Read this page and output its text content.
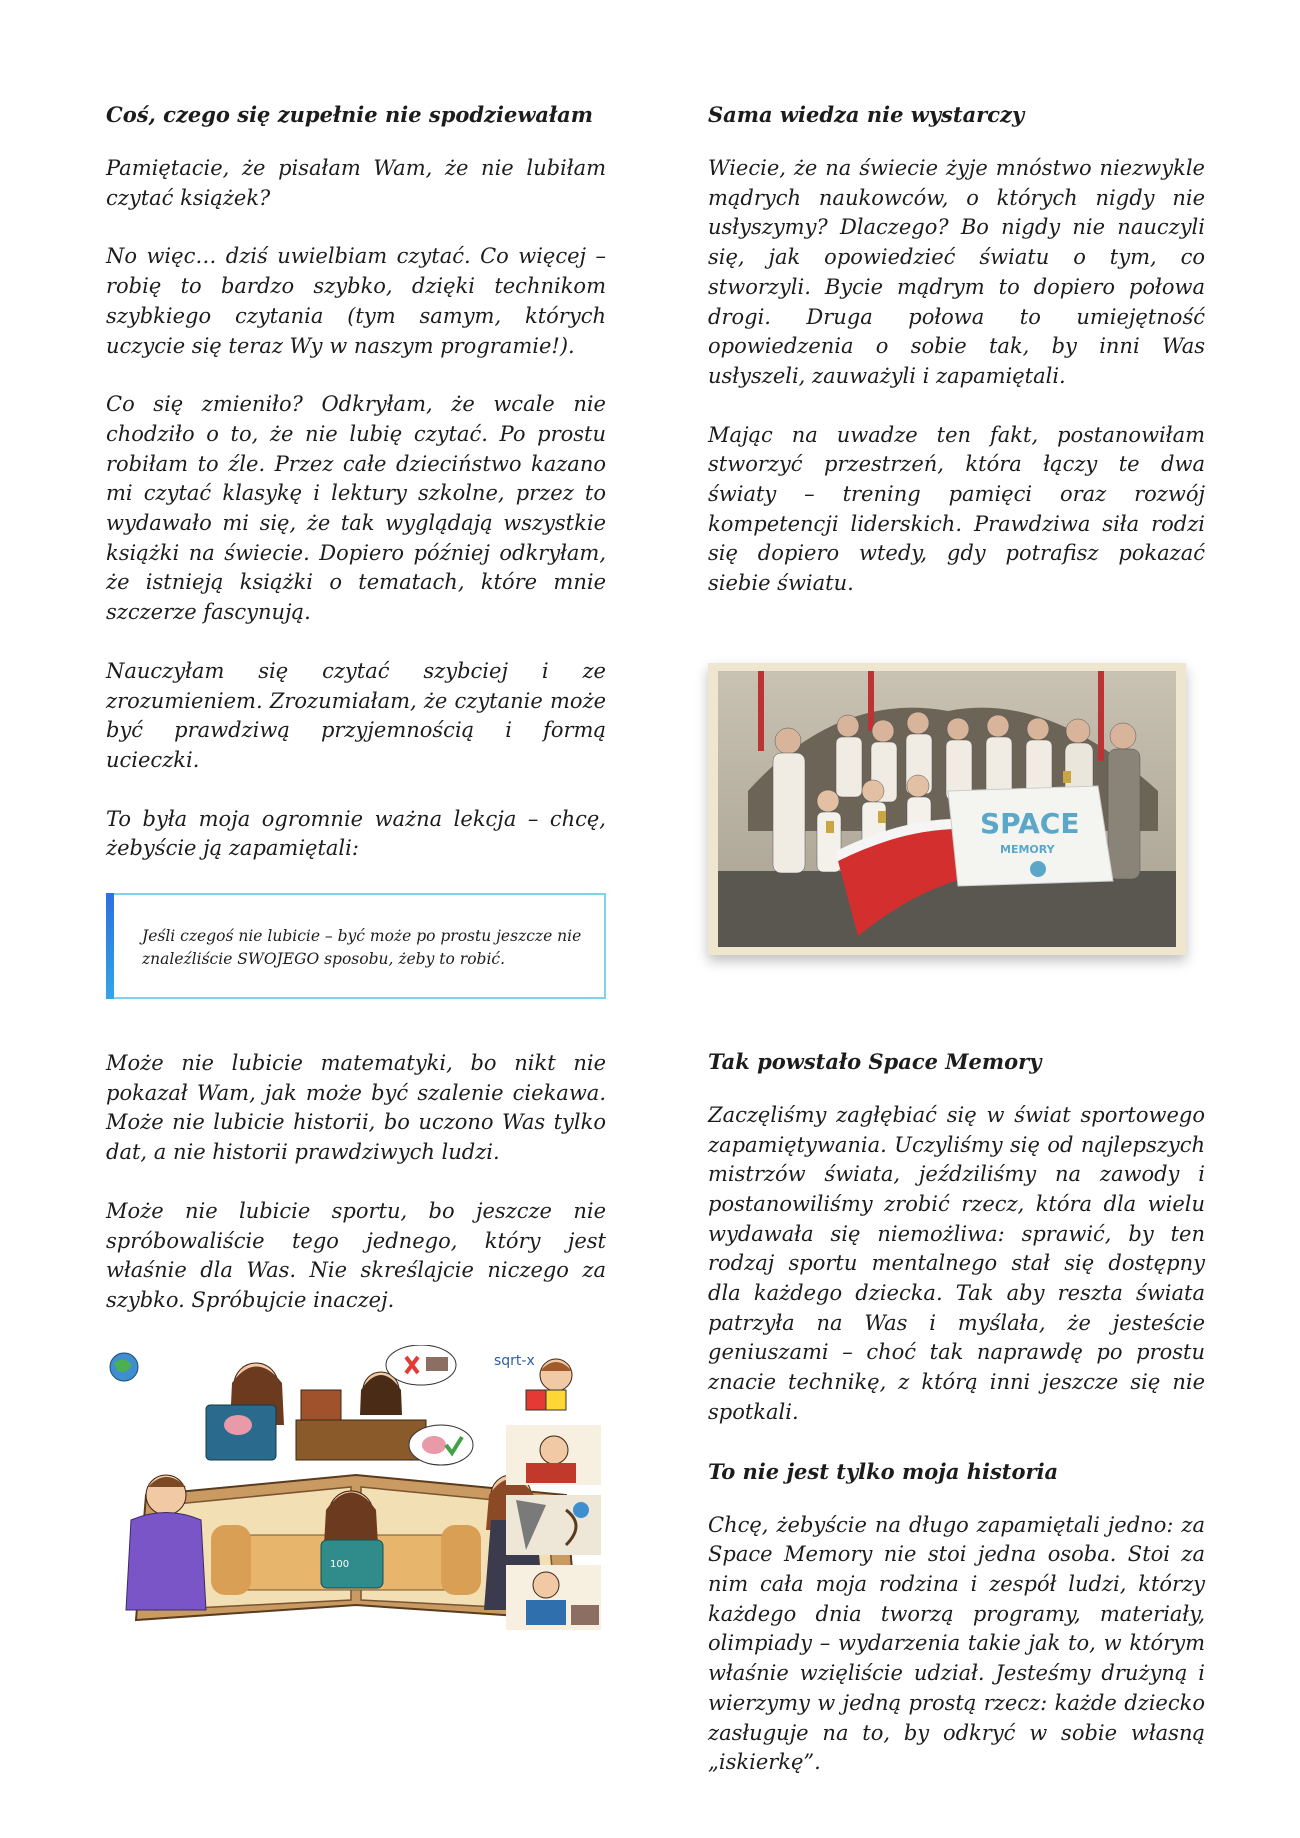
Coś, czego się zupełnie nie spodziewałam

Pamiętacie, że pisałam Wam, że nie lubiłam czytać książek?

No więc… dziś uwielbiam czytać. Co więcej – robię to bardzo szybko, dzięki technikom szybkiego czytania (tym samym, których uczycie się teraz Wy w naszym programie!).

Co się zmieniło? Odkryłam, że wcale nie chodziło o to, że nie lubię czytać. Po prostu robiłam to źle. Przez całe dzieciństwo kazano mi czytać klasykę i lektury szkolne, przez to wydawało mi się, że tak wyglądają wszystkie książki na świecie. Dopiero później odkryłam, że istnieją książki o tematach, które mnie szczerze fascynują.

Nauczyłam się czytać szybciej i ze zrozumieniem. Zrozumiałam, że czytanie może być prawdziwą przyjemnością i formą ucieczki.

To była moja ogromnie ważna lekcja – chcę, żebyście ją zapamiętali:

Jeśli czegoś nie lubicie – być może po prostu jeszcze nie znaleźliście SWOJEGO sposobu, żeby to robić.

Może nie lubicie matematyki, bo nikt nie pokazał Wam, jak może być szalenie ciekawa. Może nie lubicie historii, bo uczono Was tylko dat, a nie historii prawdziwych ludzi.

Może nie lubicie sportu, bo jeszcze nie spróbowaliście tego jednego, który jest właśnie dla Was. Nie skreślajcie niczego za szybko. Spróbujcie inaczej.

100
sqrt-x
Sama wiedza nie wystarczy

Wiecie, że na świecie żyje mnóstwo niezwykle mądrych naukowców, o których nigdy nie usłyszymy? Dlaczego? Bo nigdy nie nauczyli się, jak opowiedzieć światu o tym, co stworzyli. Bycie mądrym to dopiero połowa drogi. Druga połowa to umiejętność opowiedzenia o sobie tak, by inni Was usłyszeli, zauważyli i zapamiętali.

Mając na uwadze ten fakt, postanowiłam stworzyć przestrzeń, która łączy te dwa światy – trening pamięci oraz rozwój kompetencji liderskich. Prawdziwa siła rodzi się dopiero wtedy, gdy potrafisz pokazać siebie światu.

SPACE
MEMORY
Tak powstało Space Memory

Zaczęliśmy zagłębiać się w świat sportowego zapamiętywania. Uczyliśmy się od najlepszych mistrzów świata, jeździliśmy na zawody i postanowiliśmy zrobić rzecz, która dla wielu wydawała się niemożliwa: sprawić, by ten rodzaj sportu mentalnego stał się dostępny dla każdego dziecka. Tak aby reszta świata patrzyła na Was i myślała, że jesteście geniuszami – choć tak naprawdę po prostu znacie technikę, z którą inni jeszcze się nie spotkali.

To nie jest tylko moja historia

Chcę, żebyście na długo zapamiętali jedno: za Space Memory nie stoi jedna osoba. Stoi za nim cała moja rodzina i zespół ludzi, którzy każdego dnia tworzą programy, materiały, olimpiady – wydarzenia takie jak to, w którym właśnie wzięliście udział. Jesteśmy drużyną i wierzymy w jedną prostą rzecz: każde dziecko zasługuje na to, by odkryć w sobie własną „iskierkę”.
